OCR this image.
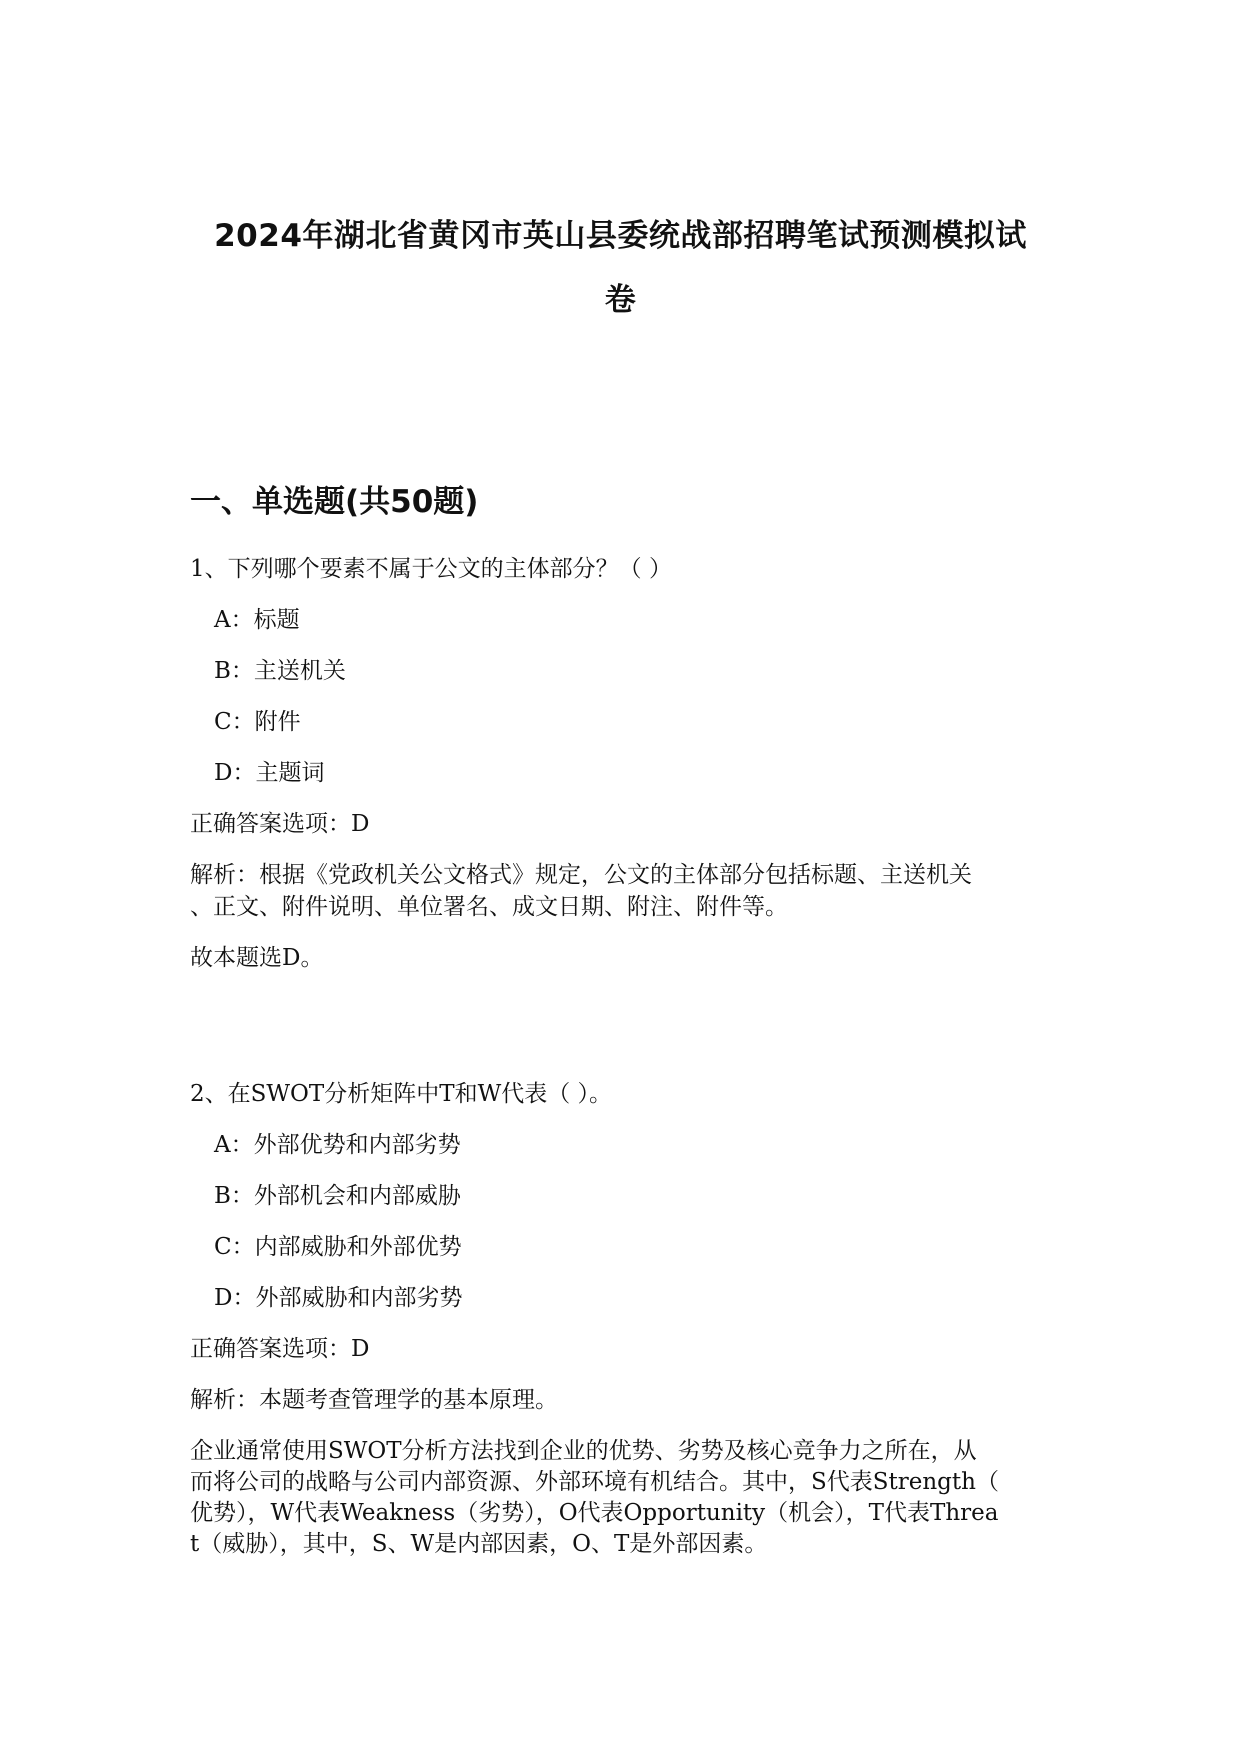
2024年湖北省黄冈市英山县委统战部招聘笔试预测模拟试
卷
一、单选题(共50题)
1、下列哪个要素不属于公文的主体部分？（ ）
A：标题
B：主送机关
C：附件
D：主题词
正确答案选项：D
解析：根据《党政机关公文格式》规定，公文的主体部分包括标题、主送机关
、正文、附件说明、单位署名、成文日期、附注、附件等。
故本题选D。
2、在SWOT分析矩阵中T和W代表（ ）。
A：外部优势和内部劣势
B：外部机会和内部威胁
C：内部威胁和外部优势
D：外部威胁和内部劣势
正确答案选项：D
解析：本题考查管理学的基本原理。
企业通常使用SWOT分析方法找到企业的优势、劣势及核心竞争力之所在，从
而将公司的战略与公司内部资源、外部环境有机结合。其中，S代表Strength（
优势），W代表Weakness（劣势），O代表Opportunity（机会），T代表Threa
t（威胁），其中，S、W是内部因素，O、T是外部因素。
